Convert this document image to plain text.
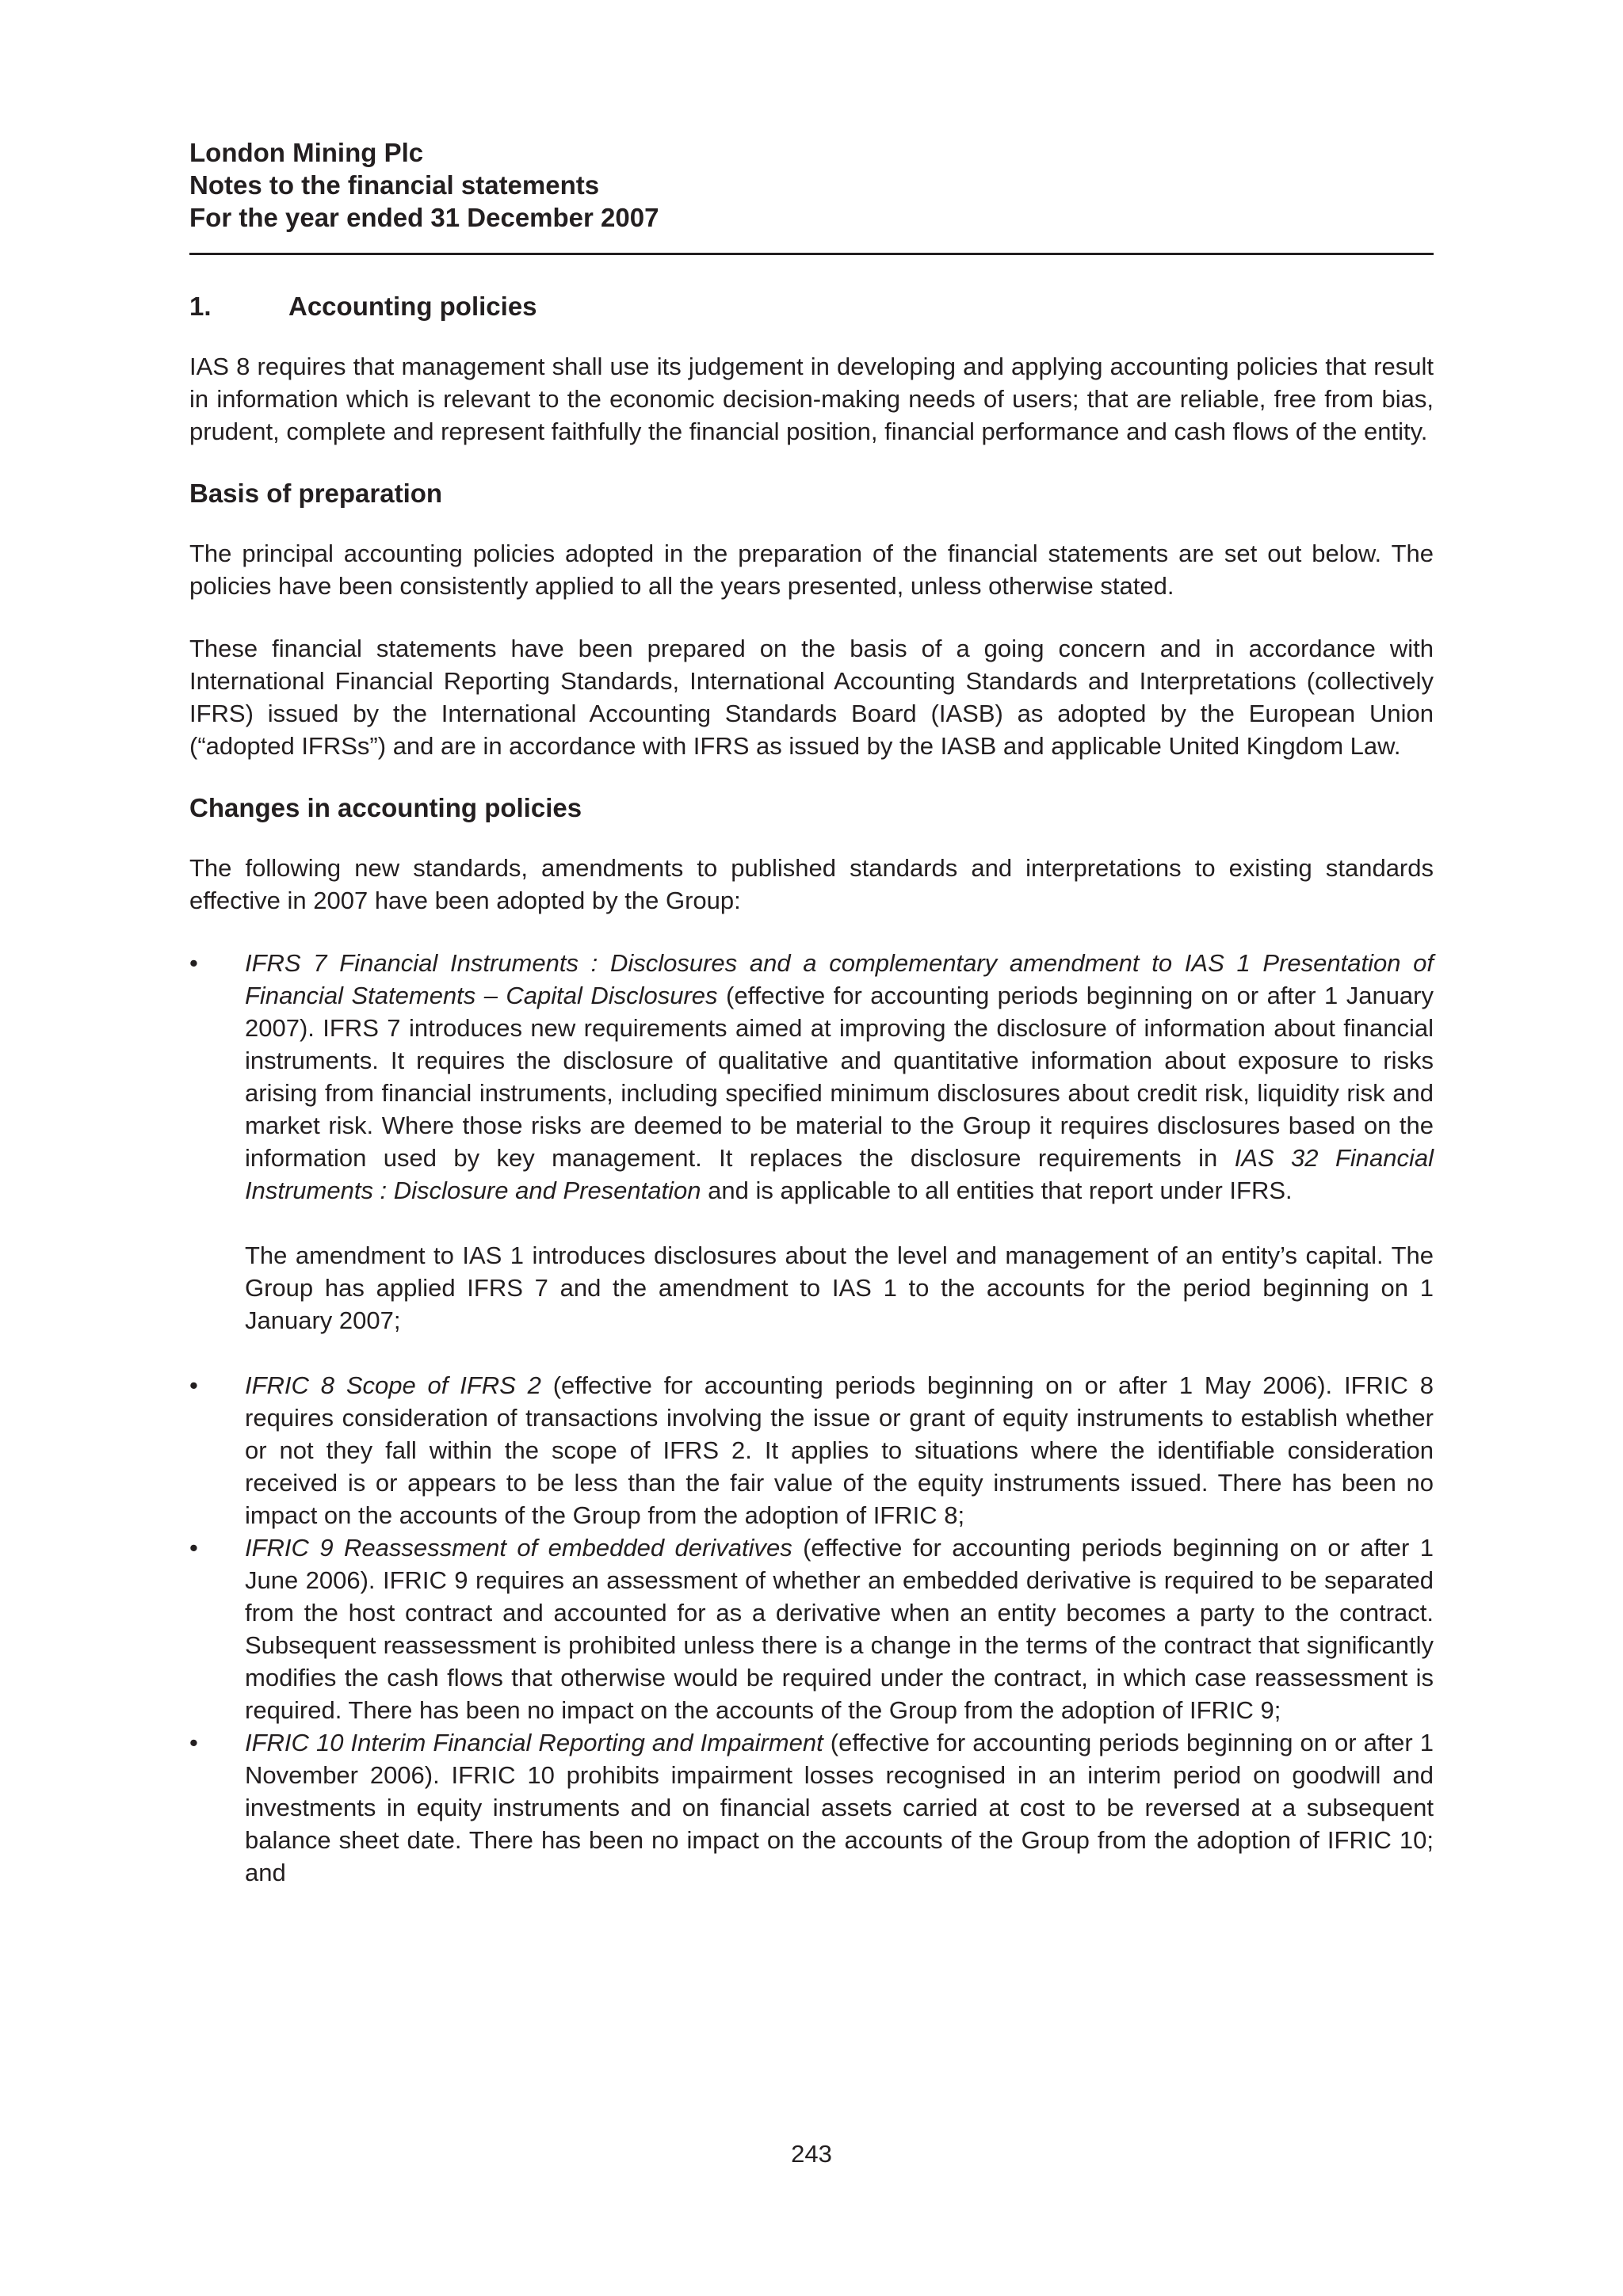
London Mining Plc
Notes to the financial statements
For the year ended 31 December 2007
1.	Accounting policies

IAS 8 requires that management shall use its judgement in developing and applying accounting policies that result in information which is relevant to the economic decision-making needs of users; that are reliable, free from bias, prudent, complete and represent faithfully the financial position, financial performance and cash flows of the entity.

Basis of preparation

The principal accounting policies adopted in the preparation of the financial statements are set out below. The policies have been consistently applied to all the years presented, unless otherwise stated.

These financial statements have been prepared on the basis of a going concern and in accordance with International Financial Reporting Standards, International Accounting Standards and Interpretations (collectively IFRS) issued by the International Accounting Standards Board (IASB) as adopted by the European Union (“adopted IFRSs”) and are in accordance with IFRS as issued by the IASB and applicable United Kingdom Law.

Changes in accounting policies

The following new standards, amendments to published standards and interpretations to existing standards effective in 2007 have been adopted by the Group:

• IFRS 7 Financial Instruments : Disclosures and a complementary amendment to IAS 1 Presentation of Financial Statements – Capital Disclosures (effective for accounting periods beginning on or after 1 January 2007). IFRS 7 introduces new requirements aimed at improving the disclosure of information about financial instruments. It requires the disclosure of qualitative and quantitative information about exposure to risks arising from financial instruments, including specified minimum disclosures about credit risk, liquidity risk and market risk. Where those risks are deemed to be material to the Group it requires disclosures based on the information used by key management. It replaces the disclosure requirements in IAS 32 Financial Instruments : Disclosure and Presentation and is applicable to all entities that report under IFRS.
The amendment to IAS 1 introduces disclosures about the level and management of an entity’s capital. The Group has applied IFRS 7 and the amendment to IAS 1 to the accounts for the period beginning on 1 January 2007;
• IFRIC 8 Scope of IFRS 2 (effective for accounting periods beginning on or after 1 May 2006). IFRIC 8 requires consideration of transactions involving the issue or grant of equity instruments to establish whether or not they fall within the scope of IFRS 2. It applies to situations where the identifiable consideration received is or appears to be less than the fair value of the equity instruments issued. There has been no impact on the accounts of the Group from the adoption of IFRIC 8;
• IFRIC 9 Reassessment of embedded derivatives (effective for accounting periods beginning on or after 1 June 2006). IFRIC 9 requires an assessment of whether an embedded derivative is required to be separated from the host contract and accounted for as a derivative when an entity becomes a party to the contract. Subsequent reassessment is prohibited unless there is a change in the terms of the contract that significantly modifies the cash flows that otherwise would be required under the contract, in which case reassessment is required. There has been no impact on the accounts of the Group from the adoption of IFRIC 9;
• IFRIC 10 Interim Financial Reporting and Impairment (effective for accounting periods beginning on or after 1 November 2006). IFRIC 10 prohibits impairment losses recognised in an interim period on goodwill and investments in equity instruments and on financial assets carried at cost to be reversed at a subsequent balance sheet date. There has been no impact on the accounts of the Group from the adoption of IFRIC 10; and
243
